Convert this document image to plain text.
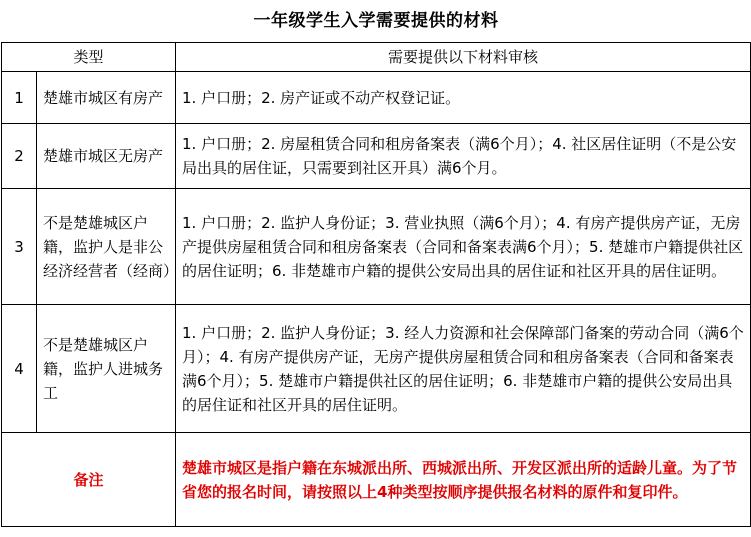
一年级学生入学需要提供的材料		
类型		需要提供以下材料审核
1	楚雄市城区有房产	1. 户口册；2. 房产证或不动产权登记证。
2	楚雄市城区无房产	1. 户口册；2. 房屋租赁合同和租房备案表（满6个月）；4. 社区居住证明（不是公安局出具的居住证，只需要到社区开具）满6个月。
3	不是楚雄城区户籍，监护人是非公经济经营者（经商）	1. 户口册；2. 监护人身份证；3. 营业执照（满6个月）；4. 有房产提供房产证，无房产提供房屋租赁合同和租房备案表（合同和备案表满6个月）；5. 楚雄市户籍提供社区的居住证明；6. 非楚雄市户籍的提供公安局出具的居住证和社区开具的居住证明。
4	不是楚雄城区户籍，监护人进城务工	1. 户口册；2. 监护人身份证；3. 经人力资源和社会保障部门备案的劳动合同（满6个月）；4. 有房产提供房产证，无房产提供房屋租赁合同和租房备案表（合同和备案表满6个月）；5. 楚雄市户籍提供社区的居住证明；6. 非楚雄市户籍的提供公安局出具的居住证和社区开具的居住证明。
备注		楚雄市城区是指户籍在东城派出所、西城派出所、开发区派出所的适龄儿童。为了节省您的报名时间，请按照以上4种类型按顺序提供报名材料的原件和复印件。
